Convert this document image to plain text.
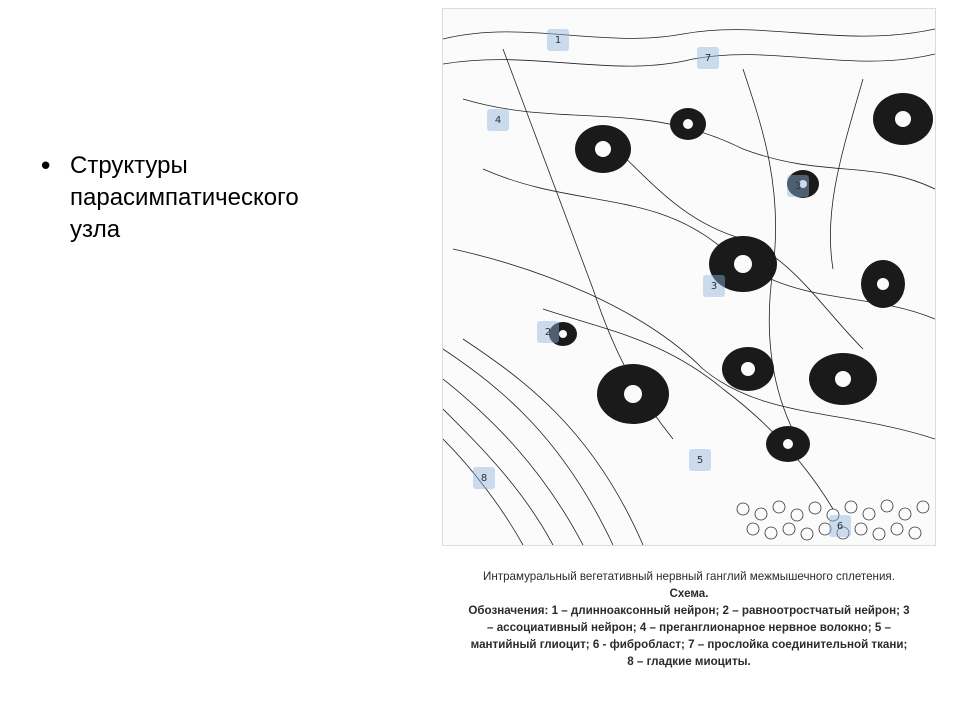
• Структуры
парасимпатического
узла
1
7
4
3
3
2
5
8
6
Интрамуральный вегетативный нервный ганглий межмышечного сплетения.
Схема.
Обозначения: 1 – длинноаксонный нейрон; 2 – равноотростчатый нейрон; 3 – ассоциативный нейрон; 4 – преганглионарное нервное волокно; 5 – мантийный глиоцит; 6 - фибробласт; 7 – прослойка соединительной ткани; 8 – гладкие миоциты.
